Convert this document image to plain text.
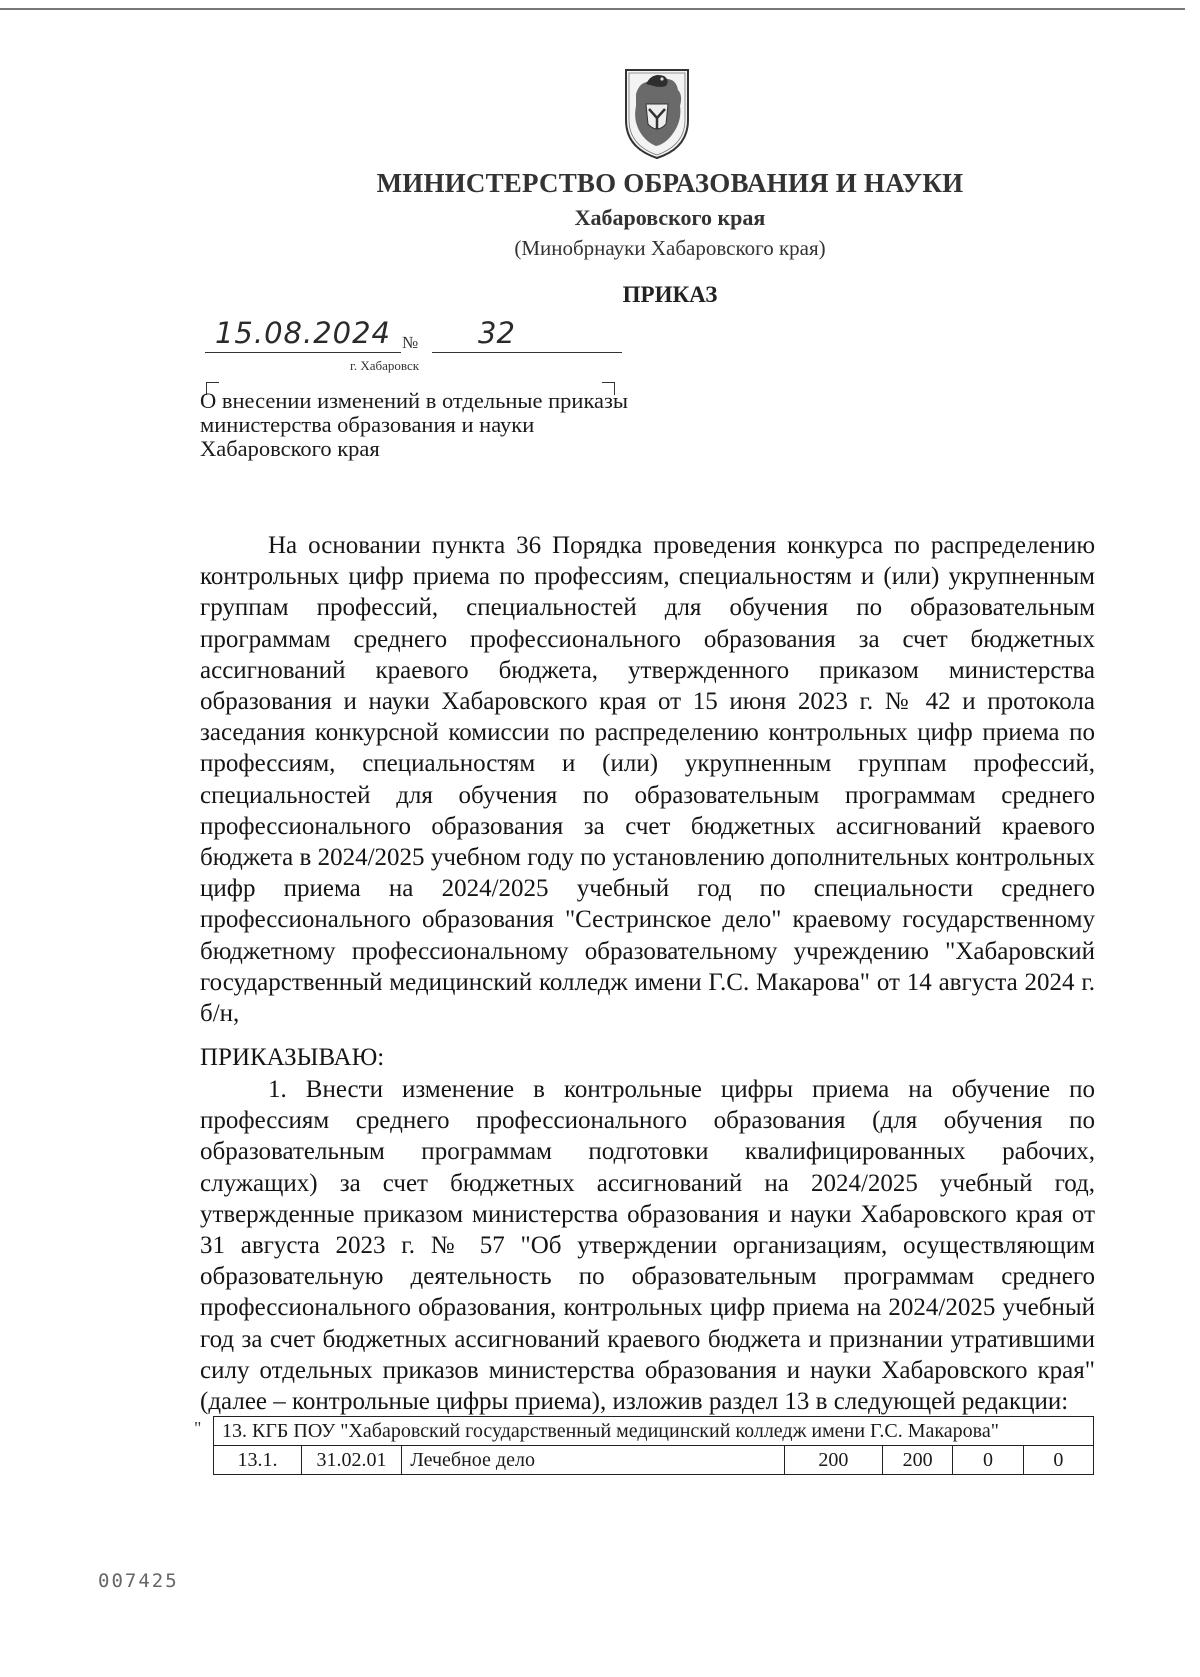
МИНИСТЕРСТВО ОБРАЗОВАНИЯ И НАУКИ
Хабаровского края
(Минобрнауки Хабаровского края)
ПРИКАЗ
15.08.2024 №	32
г. Хабаровск

О внесении изменений в отдельные приказы министерства образования и науки Хабаровского края

На основании пункта 36 Порядка проведения конкурса по распределению контрольных цифр приема по профессиям, специальностям и (или) укрупненным группам профессий, специальностей для обучения по образовательным программам среднего профессионального образования за счет бюджетных ассигнований краевого бюджета, утвержденного приказом министерства образования и науки Хабаровского края от 15 июня 2023 г. № 42 и протокола заседания конкурсной комиссии по распределению контрольных цифр приема по профессиям, специальностям и (или) укрупненным группам профессий, специальностей для обучения по образовательным программам среднего профессионального образования за счет бюджетных ассигнований краевого бюджета в 2024/2025 учебном году по установлению дополнительных контрольных цифр приема на 2024/2025 учебный год по специальности среднего профессионального образования "Сестринское дело" краевому государственному бюджетному профессиональному образовательному учреждению "Хабаровский государственный медицинский колледж имени Г.С. Макарова" от 14 августа 2024 г. б/н,

ПРИКАЗЫВАЮ:

1. Внести изменение в контрольные цифры приема на обучение по профессиям среднего профессионального образования (для обучения по образовательным программам подготовки квалифицированных рабочих, служащих) за счет бюджетных ассигнований на 2024/2025 учебный год, утвержденные приказом министерства образования и науки Хабаровского края от 31 августа 2023 г. № 57 "Об утверждении организациям, осуществляющим образовательную деятельность по образовательным программам среднего профессионального образования, контрольных цифр приема на 2024/2025 учебный год за счет бюджетных ассигнований краевого бюджета и признании утратившими силу отдельных приказов министерства образования и науки Хабаровского края" (далее – контрольные цифры приема), изложив раздел 13 в следующей редакции:

" 13. КГБ ПОУ "Хабаровский государственный медицинский колледж имени Г.С. Макарова"
13.1.	31.02.01	Лечебное дело	200	200	0	0
007425
